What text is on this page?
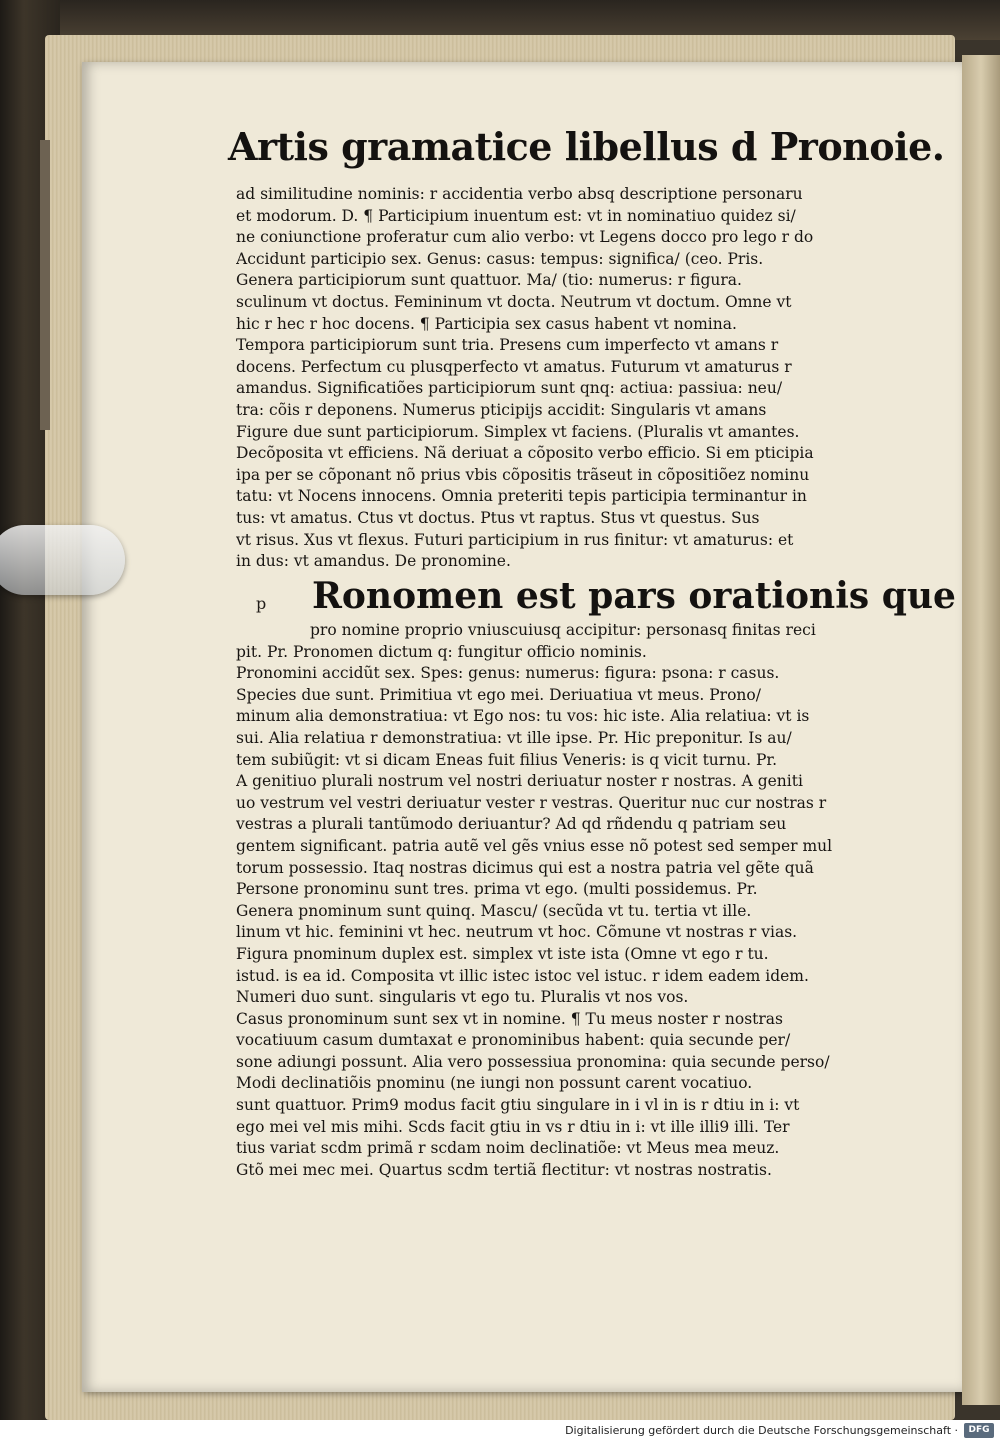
Artis gramatice libellus d Pronoie.
ad similitudine nominis: r accidentia verbo absq descriptione personaru
et modorum. D. ¶ Participium inuentum est: vt in nominatiuo quidez si/
ne coniunctione proferatur cum alio verbo: vt Legens docco pro lego r do
Accidunt participio sex. Genus: casus: tempus: significa/ (ceo. Pris.
Genera participiorum sunt quattuor. Ma/ (tio: numerus: r figura.
sculinum vt doctus. Femininum vt docta. Neutrum vt doctum. Omne vt
hic r hec r hoc docens. ¶ Participia sex casus habent vt nomina.
Tempora participiorum sunt tria. Presens cum imperfecto vt amans r
docens. Perfectum cu plusqperfecto vt amatus. Futurum vt amaturus r
amandus. Significatiões participiorum sunt qnq: actiua: passiua: neu/
tra: cõis r deponens. Numerus pticipijs accidit: Singularis vt amans
Figure due sunt participiorum. Simplex vt faciens. (Pluralis vt amantes.
Decõposita vt efficiens. Nã deriuat a cõposito verbo efficio. Si em pticipia
ipa per se cõponant nõ prius vbis cõpositis trãseut in cõpositiõez nominu
tatu: vt Nocens innocens. Omnia preteriti tepis participia terminantur in
tus: vt amatus. Ctus vt doctus. Ptus vt raptus. Stus vt questus. Sus
vt risus. Xus vt flexus. Futuri participium in rus finitur: vt amaturus: et
in dus: vt amandus. De pronomine.
p Ronomen est pars orationis que
pro nomine proprio vniuscuiusq accipitur: personasq finitas reci
pit. Pr. Pronomen dictum q: fungitur officio nominis.
Pronomini accidũt sex. Spes: genus: numerus: figura: psona: r casus.
Species due sunt. Primitiua vt ego mei. Deriuatiua vt meus. Prono/
minum alia demonstratiua: vt Ego nos: tu vos: hic iste. Alia relatiua: vt is
sui. Alia relatiua r demonstratiua: vt ille ipse. Pr. Hic preponitur. Is au/
tem subiũgit: vt si dicam Eneas fuit filius Veneris: is q vicit turnu. Pr.
A genitiuo plurali nostrum vel nostri deriuatur noster r nostras. A geniti
uo vestrum vel vestri deriuatur vester r vestras. Queritur nuc cur nostras r
vestras a plurali tantũmodo deriuantur? Ad qd rñdendu q patriam seu
gentem significant. patria autẽ vel gẽs vnius esse nõ potest sed semper mul
torum possessio. Itaq nostras dicimus qui est a nostra patria vel gẽte quã
Persone pronominu sunt tres. prima vt ego. (multi possidemus. Pr.
Genera pnominum sunt quinq. Mascu/ (secũda vt tu. tertia vt ille.
linum vt hic. feminini vt hec. neutrum vt hoc. Cõmune vt nostras r vias.
Figura pnominum duplex est. simplex vt iste ista (Omne vt ego r tu.
istud. is ea id. Composita vt illic istec istoc vel istuc. r idem eadem idem.
Numeri duo sunt. singularis vt ego tu. Pluralis vt nos vos.
Casus pronominum sunt sex vt in nomine. ¶ Tu meus noster r nostras
vocatiuum casum dumtaxat e pronominibus habent: quia secunde per/
sone adiungi possunt. Alia vero possessiua pronomina: quia secunde perso/
Modi declinatiõis pnominu (ne iungi non possunt carent vocatiuo.
sunt quattuor. Prim9 modus facit gtiu singulare in i vl in is r dtiu in i: vt
ego mei vel mis mihi. Scds facit gtiu in vs r dtiu in i: vt ille illi9 illi. Ter
tius variat scdm primã r scdam noim declinatiõe: vt Meus mea meuz.
Gtõ mei mec mei. Quartus scdm tertiã flectitur: vt nostras nostratis.
Digitalisierung gefördert durch die Deutsche Forschungsgemeinschaft ·	DFG
